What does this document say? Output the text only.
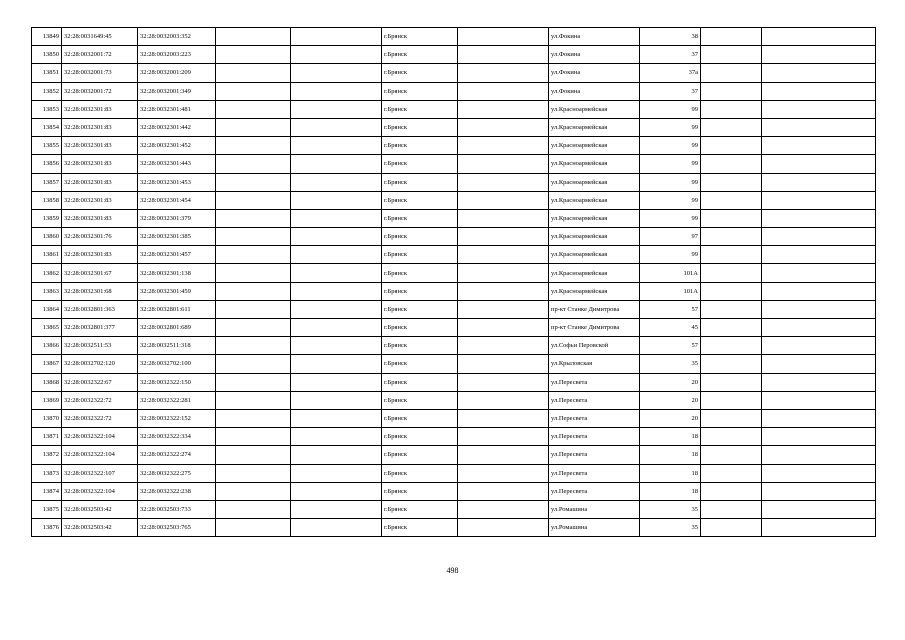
13849	32:28:0031649:45	32:28:0032003:352			г.Брянск		ул.Фокина	38		
13850	32:28:0032001:72	32:28:0032003:223			г.Брянск		ул.Фокина	37		
13851	32:28:0032001:73	32:28:0032001:209			г.Брянск		ул.Фокина	37а		
13852	32:28:0032001:72	32:28:0032001:349			г.Брянск		ул.Фокина	37		
13853	32:28:0032301:83	32:28:0032301:481			г.Брянск		ул.Красноармейская	99		
13854	32:28:0032301:83	32:28:0032301:442			г.Брянск		ул.Красноармейская	99		
13855	32:28:0032301:83	32:28:0032301:452			г.Брянск		ул.Красноармейская	99		
13856	32:28:0032301:83	32:28:0032301:443			г.Брянск		ул.Красноармейская	99		
13857	32:28:0032301:83	32:28:0032301:453			г.Брянск		ул.Красноармейская	99		
13858	32:28:0032301:83	32:28:0032301:454			г.Брянск		ул.Красноармейская	99		
13859	32:28:0032301:83	32:28:0032301:379			г.Брянск		ул.Красноармейская	99		
13860	32:28:0032301:76	32:28:0032301:385			г.Брянск		ул.Красноармейская	97		
13861	32:28:0032301:83	32:28:0032301:457			г.Брянск		ул.Красноармейская	99		
13862	32:28:0032301:67	32:28:0032301:138			г.Брянск		ул.Красноармейская	101А		
13863	32:28:0032301:68	32:28:0032301:459			г.Брянск		ул.Красноармейская	101А		
13864	32:28:0032801:363	32:28:0032801:611			г.Брянск		пр-кт Станке Димитрова	57		
13865	32:28:0032801:377	32:28:0032801:689			г.Брянск		пр-кт Станке Димитрова	45		
13866	32:28:0032511:53	32:28:0032511:318			г.Брянск		ул.Софьи Перовской	57		
13867	32:28:0032702:120	32:28:0032702:100			г.Брянск		ул.Крыловская	35		
13868	32:28:0032322:67	32:28:0032322:150			г.Брянск		ул.Пересвета	20		
13869	32:28:0032322:72	32:28:0032322:281			г.Брянск		ул.Пересвета	20		
13870	32:28:0032322:72	32:28:0032322:152			г.Брянск		ул.Пересвета	20		
13871	32:28:0032322:104	32:28:0032322:334			г.Брянск		ул.Пересвета	18		
13872	32:28:0032322:104	32:28:0032322:274			г.Брянск		ул.Пересвета	18		
13873	32:28:0032322:107	32:28:0032322:275			г.Брянск		ул.Пересвета	18		
13874	32:28:0032322:104	32:28:0032322:238			г.Брянск		ул.Пересвета	18		
13875	32:28:0032503:42	32:28:0032503:733			г.Брянск		ул.Ромашина	35		
13876	32:28:0032503:42	32:28:0032503:765			г.Брянск		ул.Ромашина	35		
498
